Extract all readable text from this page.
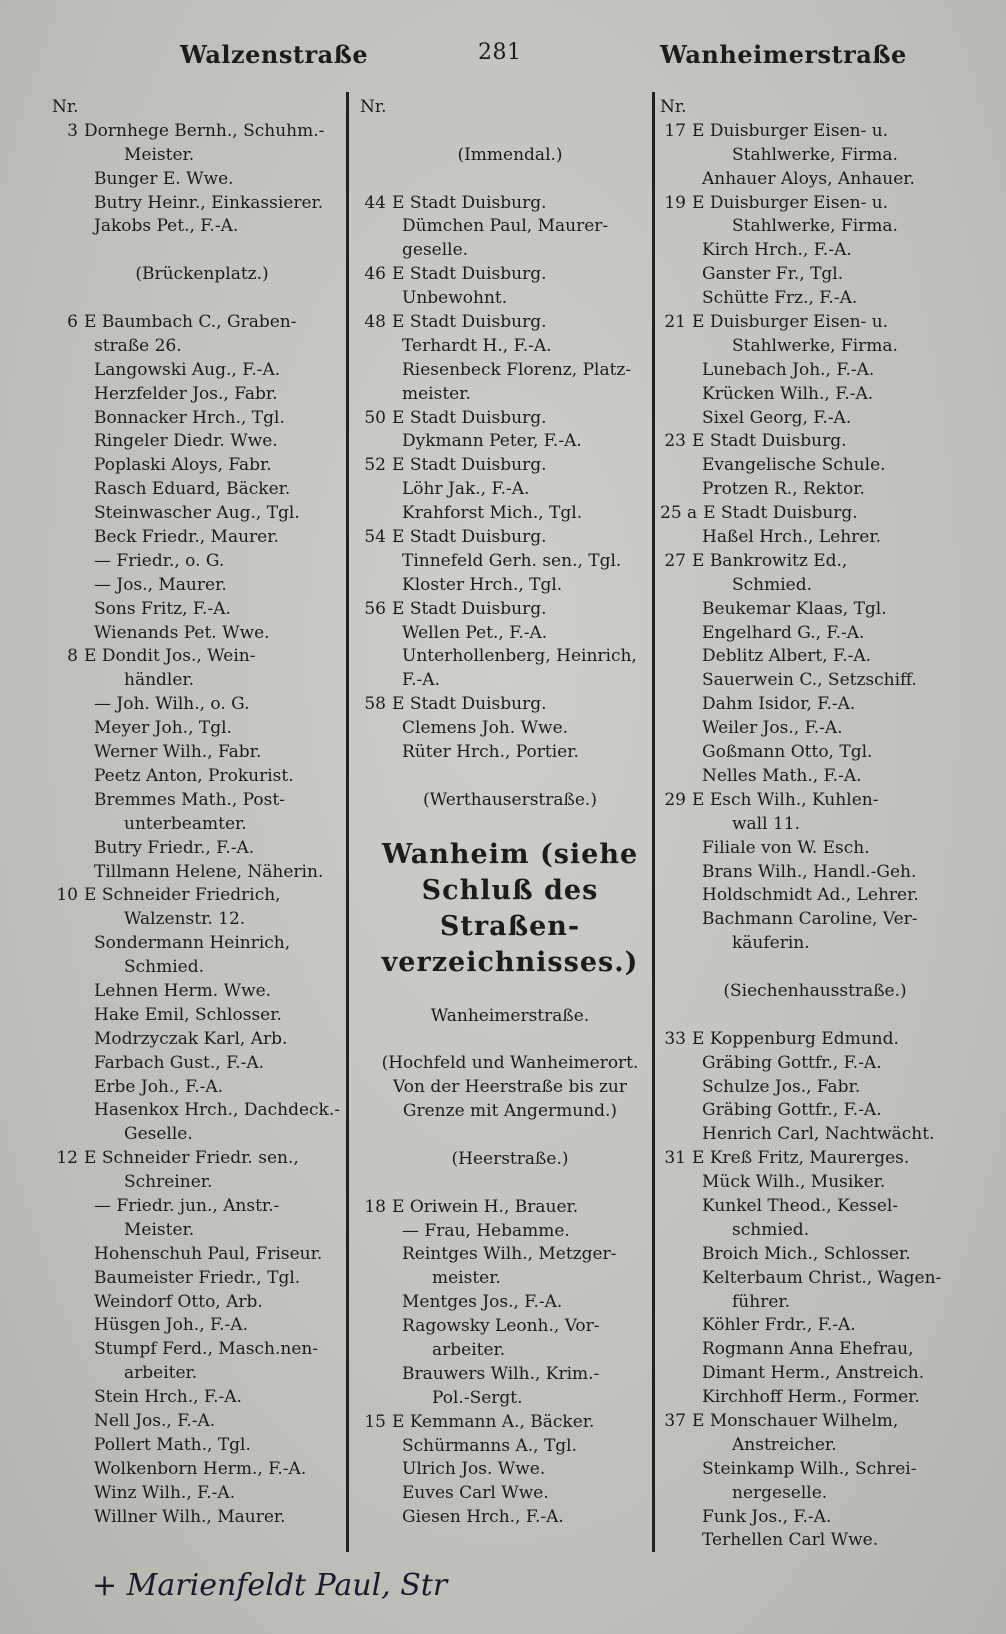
Walzenstraße	281	Wanheimerstraße
Nr.
3 Dornhege Bernh., Schuhm.-
Meister.
Bunger E. Wwe.
Butry Heinr., Einkassierer.
Jakobs Pet., F.-A.
(Brückenplatz.)
6 E Baumbach C., Graben-
straße 26.
Langowski Aug., F.-A.
Herzfelder Jos., Fabr.
Bonnacker Hrch., Tgl.
Ringeler Diedr. Wwe.
Poplaski Aloys, Fabr.
Rasch Eduard, Bäcker.
Steinwascher Aug., Tgl.
Beck Friedr., Maurer.
— Friedr., o. G.
— Jos., Maurer.
Sons Fritz, F.-A.
Wienands Pet. Wwe.
8 E Dondit Jos., Wein-
händler.
— Joh. Wilh., o. G.
Meyer Joh., Tgl.
Werner Wilh., Fabr.
Peetz Anton, Prokurist.
Bremmes Math., Post-
unterbeamter.
Butry Friedr., F.-A.
Tillmann Helene, Näherin.
10 E Schneider Friedrich,
Walzenstr. 12.
Sondermann Heinrich,
Schmied.
Lehnen Herm. Wwe.
Hake Emil, Schlosser.
Modrzyczak Karl, Arb.
Farbach Gust., F.-A.
Erbe Joh., F.-A.
Hasenkox Hrch., Dachdeck.-
Geselle.
12 E Schneider Friedr. sen.,
Schreiner.
— Friedr. jun., Anstr.-
Meister.
Hohenschuh Paul, Friseur.
Baumeister Friedr., Tgl.
Weindorf Otto, Arb.
Hüsgen Joh., F.-A.
Stumpf Ferd., Masch.nen-
arbeiter.
Stein Hrch., F.-A.
Nell Jos., F.-A.
Pollert Math., Tgl.
Wolkenborn Herm., F.-A.
Winz Wilh., F.-A.
Willner Wilh., Maurer.
Nr.
(Immendal.)
44 E Stadt Duisburg.
Dümchen Paul, Maurer-
geselle.
46 E Stadt Duisburg.
Unbewohnt.
48 E Stadt Duisburg.
Terhardt H., F.-A.
Riesenbeck Florenz, Platz-
meister.
50 E Stadt Duisburg.
Dykmann Peter, F.-A.
52 E Stadt Duisburg.
Löhr Jak., F.-A.
Krahforst Mich., Tgl.
54 E Stadt Duisburg.
Tinnefeld Gerh. sen., Tgl.
Kloster Hrch., Tgl.
56 E Stadt Duisburg.
Wellen Pet., F.-A.
Unterhollenberg, Heinrich,
F.-A.
58 E Stadt Duisburg.
Clemens Joh. Wwe.
Rüter Hrch., Portier.
(Werthauserstraße.)
Wanheim (siehe
Schluß des
Straßen-
verzeichnisses.)
Wanheimerstraße.
(Hochfeld und Wanheimerort.
Von der Heerstraße bis zur
Grenze mit Angermund.)
(Heerstraße.)
18 E Oriwein H., Brauer.
— Frau, Hebamme.
Reintges Wilh., Metzger-
meister.
Mentges Jos., F.-A.
Ragowsky Leonh., Vor-
arbeiter.
Brauwers Wilh., Krim.-
Pol.-Sergt.
15 E Kemmann A., Bäcker.
Schürmanns A., Tgl.
Ulrich Jos. Wwe.
Euves Carl Wwe.
Giesen Hrch., F.-A.
Nr.
17 E Duisburger Eisen- u.
Stahlwerke, Firma.
Anhauer Aloys, Anhauer.
19 E Duisburger Eisen- u.
Stahlwerke, Firma.
Kirch Hrch., F.-A.
Ganster Fr., Tgl.
Schütte Frz., F.-A.
21 E Duisburger Eisen- u.
Stahlwerke, Firma.
Lunebach Joh., F.-A.
Krücken Wilh., F.-A.
Sixel Georg, F.-A.
23 E Stadt Duisburg.
Evangelische Schule.
Protzen R., Rektor.
25 a E Stadt Duisburg.
Haßel Hrch., Lehrer.
27 E Bankrowitz Ed.,
Schmied.
Beukemar Klaas, Tgl.
Engelhard G., F.-A.
Deblitz Albert, F.-A.
Sauerwein C., Setzschiff.
Dahm Isidor, F.-A.
Weiler Jos., F.-A.
Goßmann Otto, Tgl.
Nelles Math., F.-A.
29 E Esch Wilh., Kuhlen-
wall 11.
Filiale von W. Esch.
Brans Wilh., Handl.-Geh.
Holdschmidt Ad., Lehrer.
Bachmann Caroline, Ver-
käuferin.
(Siechenhausstraße.)
33 E Koppenburg Edmund.
Gräbing Gottfr., F.-A.
Schulze Jos., Fabr.
Gräbing Gottfr., F.-A.
Henrich Carl, Nachtwächt.
31 E Kreß Fritz, Maurerges.
Mück Wilh., Musiker.
Kunkel Theod., Kessel-
schmied.
Broich Mich., Schlosser.
Kelterbaum Christ., Wagen-
führer.
Köhler Frdr., F.-A.
Rogmann Anna Ehefrau,
Dimant Herm., Anstreich.
Kirchhoff Herm., Former.
37 E Monschauer Wilhelm,
Anstreicher.
Steinkamp Wilh., Schrei-
nergeselle.
Funk Jos., F.-A.
Terhellen Carl Wwe.
+ Marienfeldt Paul, Str
